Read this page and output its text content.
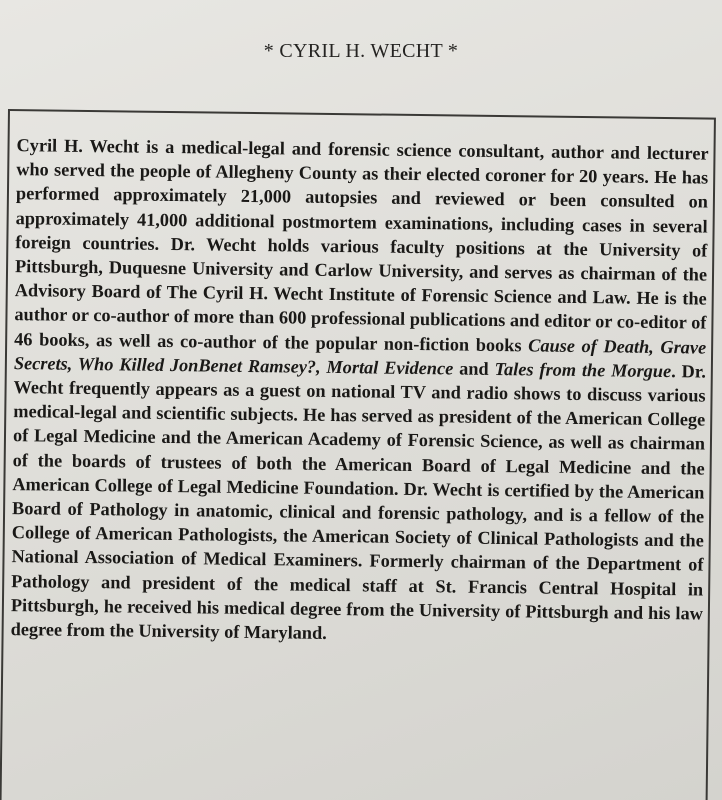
* CYRIL H. WECHT *

Cyril H. Wecht is a medical-legal and forensic science consultant, author and lecturer who served the people of Allegheny County as their elected coroner for 20 years. He has performed approximately 21,000 autopsies and reviewed or been consulted on approximately 41,000 additional postmortem examinations, including cases in several foreign countries. Dr. Wecht holds various faculty positions at the University of Pittsburgh, Duquesne University and Carlow University, and serves as chairman of the Advisory Board of The Cyril H. Wecht Institute of Forensic Science and Law. He is the author or co-author of more than 600 professional publications and editor or co-editor of 46 books, as well as co-author of the popular non-fiction books Cause of Death, Grave Secrets, Who Killed JonBenet Ramsey?, Mortal Evidence and Tales from the Morgue. Dr. Wecht frequently appears as a guest on national TV and radio shows to discuss various medical-legal and scientific subjects. He has served as president of the American College of Legal Medicine and the American Academy of Forensic Science, as well as chairman of the boards of trustees of both the American Board of Legal Medicine and the American College of Legal Medicine Foundation. Dr. Wecht is certified by the American Board of Pathology in anatomic, clinical and forensic pathology, and is a fellow of the College of American Pathologists, the American Society of Clinical Pathologists and the National Association of Medical Examiners. Formerly chairman of the Department of Pathology and president of the medical staff at St. Francis Central Hospital in Pittsburgh, he received his medical degree from the University of Pittsburgh and his law degree from the University of Maryland.
